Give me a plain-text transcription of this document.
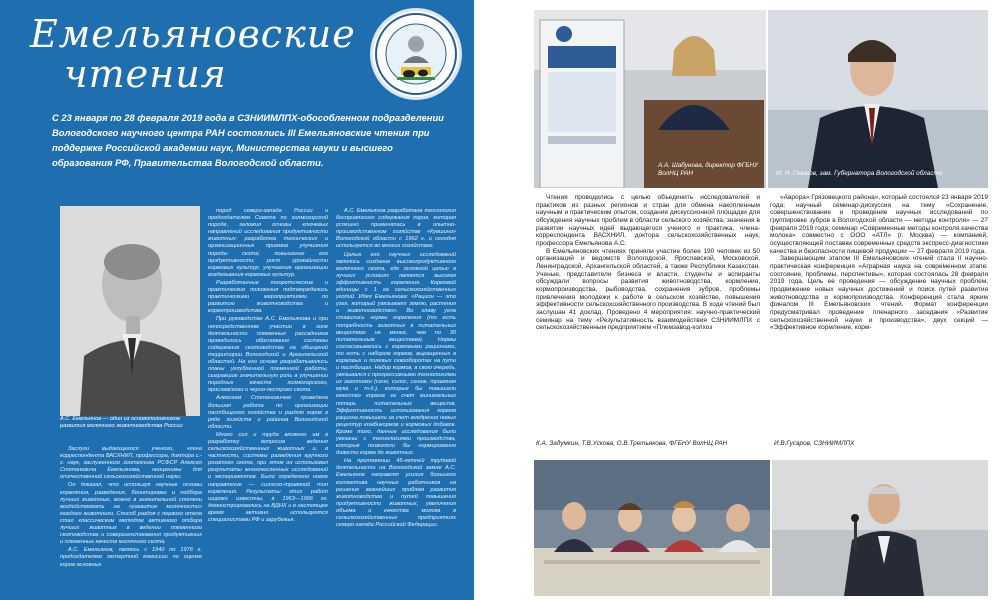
Емельяновские
чтения

С 23 января по 28 февраля 2019 года в СЗНИИМЛПХ-обособленном подразделении Вологодского научного центра РАН состоялись III Емельяновские чтения при поддержке Российской академии наук, Министерства науки и высшего образования РФ, Правительства Вологодской области.

А.С. Емельянов — один из основоположников развития молочного животноводства России

Заслуги выдающегося ученого, члена корреспондента ВАСХНИЛ, профессора, доктора с.-х. наук, заслуженного зоотехника РСФСР Алексея Степановича Емельянова, неоценимы для отечественной сельскохозяйственной науки.

Он доказал, что используя научные основы кормления, разведения, бонитировки и подбора лучших животных, можно в значительной степени воздействовать на «развитие молочности» каждого животного. Способ раздоя с первого отела стал классическим методом активного отбора лучших животных в ведении племенного скотоводства и совершенствования продуктивных и племенных качеств молочного скота.

А.С. Емельянов, являясь с 1940 по 1976 г. председателем экспертной комиссии по оценке коров основных

пород северо-запада России и председателем Совета по холмогорской породе, заложил основы ключевых направлений исследования продуктивности животных: разработка технических и организационных приемов улучшения породы скота; повышение его продуктивности; рост урожайности кормовых культур; улучшение организации воздельвания кормовых культур.

Разработанные теоретические и практические положения подтверждались практическими мероприятиями по развитию животноводства и кормопроизводства.

При руководстве А.С. Емельянова и при непосредственном участии в зоне деятельности племенных рассадников проводилось обоснование системы содержания скотоводства на обширной территории Вологодской и Архангельской областей. На его основе разрабатывались планы углубленной племенной работы, сыгравшие значительную роль в улучшении породных качеств холмогорского, ярославского и черно-пестрого скота.

Алексеем Степановичем проведена большая работа по организации пастбищного хозяйства и раздою коров в ряде хозяйств и районов Вологодской области.

Много сил и труда вложено им в разработку вопросов ведения сельскохозяйственных животных и, в частности, системы разведения крупного рогатого скота, при этом он использовал результаты многочисленных исследований и экспериментов. Было определено новое направление — силосно-травяной тип кормления. Результаты этих работ широко известны, в 1963—1966 гг. демонстрировались на ВДНХ и в настоящее время активно используются специалистами РФ и зарубежья.

А.С. Емельянов разработана технология беспривязного содержания коров, которая успешно применялась в опытно-производственном хозяйстве «Кувшино» Вологодской области с 1962 г. и сегодня используется во многих хозяйствах.

Целью его научных исследований являлось создание высокопродуктивного молочного скота, где основной целью в лучших условиях является высокая эффективность кормления. Кормовой единицы с 1 га сельскохозяйственных угодий. Идея Емельянова: «Рацион — это узел, который увязывает землю, растения и животноводство». Во главу угла ставились нормы кормления (то есть потребность животных в питательных веществах не менее, чем по 30 питательным веществам). Нормы согласовывались с кормовыми рационами, то есть с набором кормов, выращенных в кормовых и полевых севооборотах на пути и пастбищах. Набор кормов, в свою очередь, увязывался с прогрессивными технологиями их заготовки (сено, силос, сенаж, травяная мука и т.д.), которые бы повышали качество кормов за счет минимальных потерь питательных веществ. Эффективность использования кормов рациона повышали за счет внедрения новых рецептур комбикормов и кормовых добавок. Кроме того, данные исследования были увязаны с технологиями производства, которые позволяли бы нормированно довести корма до животных.

На протяжении 45-летней трудовой деятельности на Вологодской земле А.С. Емельянов направлял усилия большого коллектива научных работников на решение важнейших проблем развития животноводства и путей повышения продуктивности животных, увеличения объема и качества молока в сельскохозяйственных предприятиях северо-запада Российской Федерации.

А.А. Шабунова, директор ФГБНУ ВолНЦ РАН	М. Н. Глазков, зам. Губернатора Вологодской области

Чтения проводились с целью объединить исследователей и практиков из разных регионов и стран для обмена накопленным научным и практическим опытом, создания дискуссионной площадки для обсуждения научных проблем в области сельского хозяйства, значения в развитии научных идей выдающегося ученого и практика, члена-корреспондента ВАСХНИЛ, доктора сельскохозяйственных наук, профессора Емельянова А.С.

В Емельяновских чтениях приняли участие более 190 человек из 50 организаций и ведомств Вологодской, Ярославской, Московской, Ленинградской, Архангельской областей, а также Республики Казахстан. Ученые, представители бизнеса и власти, студенты и аспиранты обсуждали вопросы развития животноводства, кормления, кормопроизводства, рыбоводства, сохранения зубров, проблемы привлечения молодежи к работе в сельском хозяйстве, повышения эффективности сельскохозяйственного производства. В ходе чтений был заслушан 41 доклад. Проведено 4 мероприятия: научно-практический семинар на тему «Результативность взаимодействия СЗНИИМЛПХ с сельскохозяйственным предприятием «Племзавод-колхоз

«Аврора» Грязовецкого района», который состоялся 23 января 2019 года; научный семинар-дискуссия на тему «Сохранение, совершенствование и проведение научных исследований по группировке зубров в Вологодской области — методы контроля» — 27 февраля 2019 года; семинар «Современные методы контроля качества молока» совместно с ООО «АТЛ» (г. Москва) — компанией, осуществляющей поставки современных средств экспресс-диагностики качества и безопасности пищевой продукции — 27 февраля 2019 года.

Завершающим этапом III Емельяновских чтений стала II научно-практическая конференция «Аграрная наука на современном этапе: состояние, проблемы, перспективы», которая состоялась 28 февраля 2019 года. Цель ее проведения — обсуждение научных проблем, продвижение новых научных достижений и поиск путей развития животноводства и кормопроизводства. Конференция стала ярким финалом III Емельяновских чтений. Формат конференции предусматривал проведение пленарного заседания «Развитие сельскохозяйственной науки и производства», двух секций — «Эффективное кормление, корм-

К.А. Задумкин, Т.В.Ускова, О.В.Третьякова, ФГБНУ ВолНЦ РАН	И.В.Гусаров, СЗНИИМЛПХ
